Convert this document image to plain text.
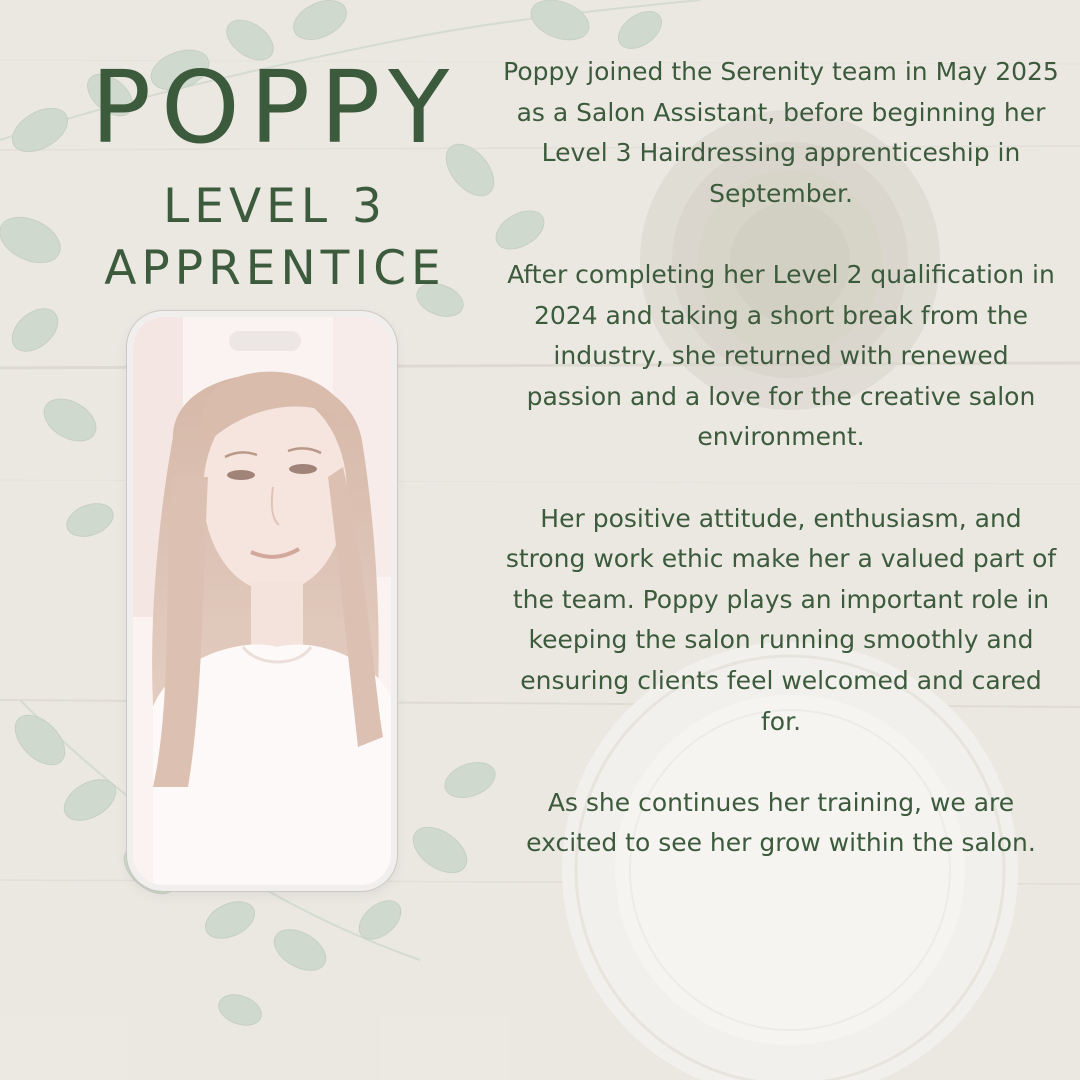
POPPY
LEVEL 3
APPRENTICE

Poppy joined the Serenity team in May 2025 as a Salon Assistant, before beginning her Level 3 Hairdressing apprenticeship in September.

After completing her Level 2 qualification in 2024 and taking a short break from the industry, she returned with renewed passion and a love for the creative salon environment.

Her positive attitude, enthusiasm, and strong work ethic make her a valued part of the team. Poppy plays an important role in keeping the salon running smoothly and ensuring clients feel welcomed and cared for.

As she continues her training, we are excited to see her grow within the salon.
